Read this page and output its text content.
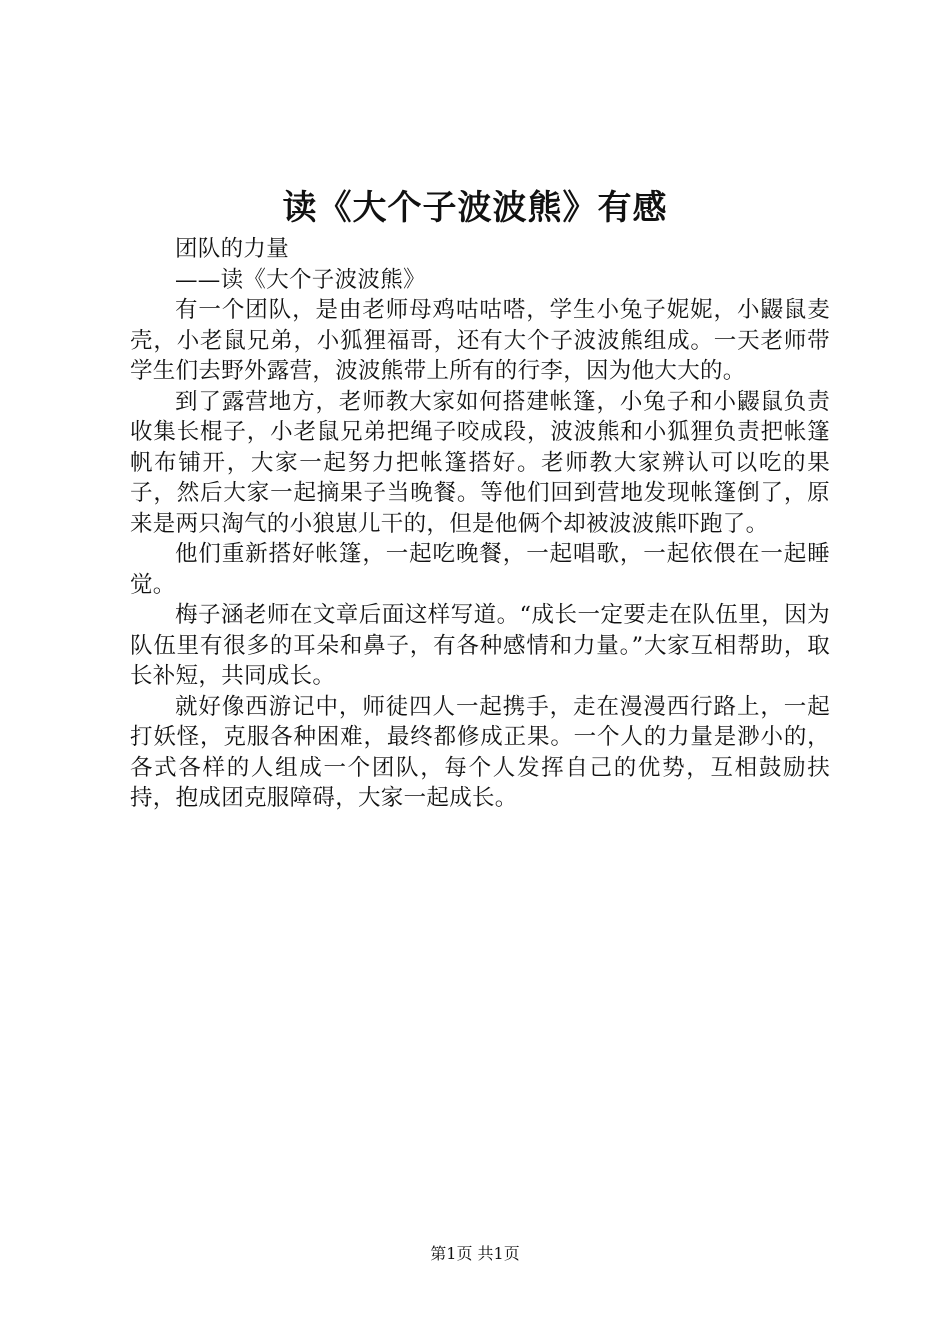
读《大个子波波熊》有感

团队的力量

——读《大个子波波熊》

有一个团队，是由老师母鸡咕咕嗒，学生小兔子妮妮，小鼹鼠麦壳，小老鼠兄弟，小狐狸福哥，还有大个子波波熊组成。一天老师带学生们去野外露营，波波熊带上所有的行李，因为他大大的。

到了露营地方，老师教大家如何搭建帐篷，小兔子和小鼹鼠负责收集长棍子，小老鼠兄弟把绳子咬成段，波波熊和小狐狸负责把帐篷帆布铺开，大家一起努力把帐篷搭好。老师教大家辨认可以吃的果子，然后大家一起摘果子当晚餐。等他们回到营地发现帐篷倒了，原来是两只淘气的小狼崽儿干的，但是他俩个却被波波熊吓跑了。

他们重新搭好帐篷，一起吃晚餐，一起唱歌，一起依偎在一起睡觉。

梅子涵老师在文章后面这样写道。“成长一定要走在队伍里，因为队伍里有很多的耳朵和鼻子，有各种感情和力量。”大家互相帮助，取长补短，共同成长。

就好像西游记中，师徒四人一起携手，走在漫漫西行路上，一起打妖怪，克服各种困难，最终都修成正果。一个人的力量是渺小的，各式各样的人组成一个团队，每个人发挥自己的优势，互相鼓励扶持，抱成团克服障碍，大家一起成长。

第1页 共1页
